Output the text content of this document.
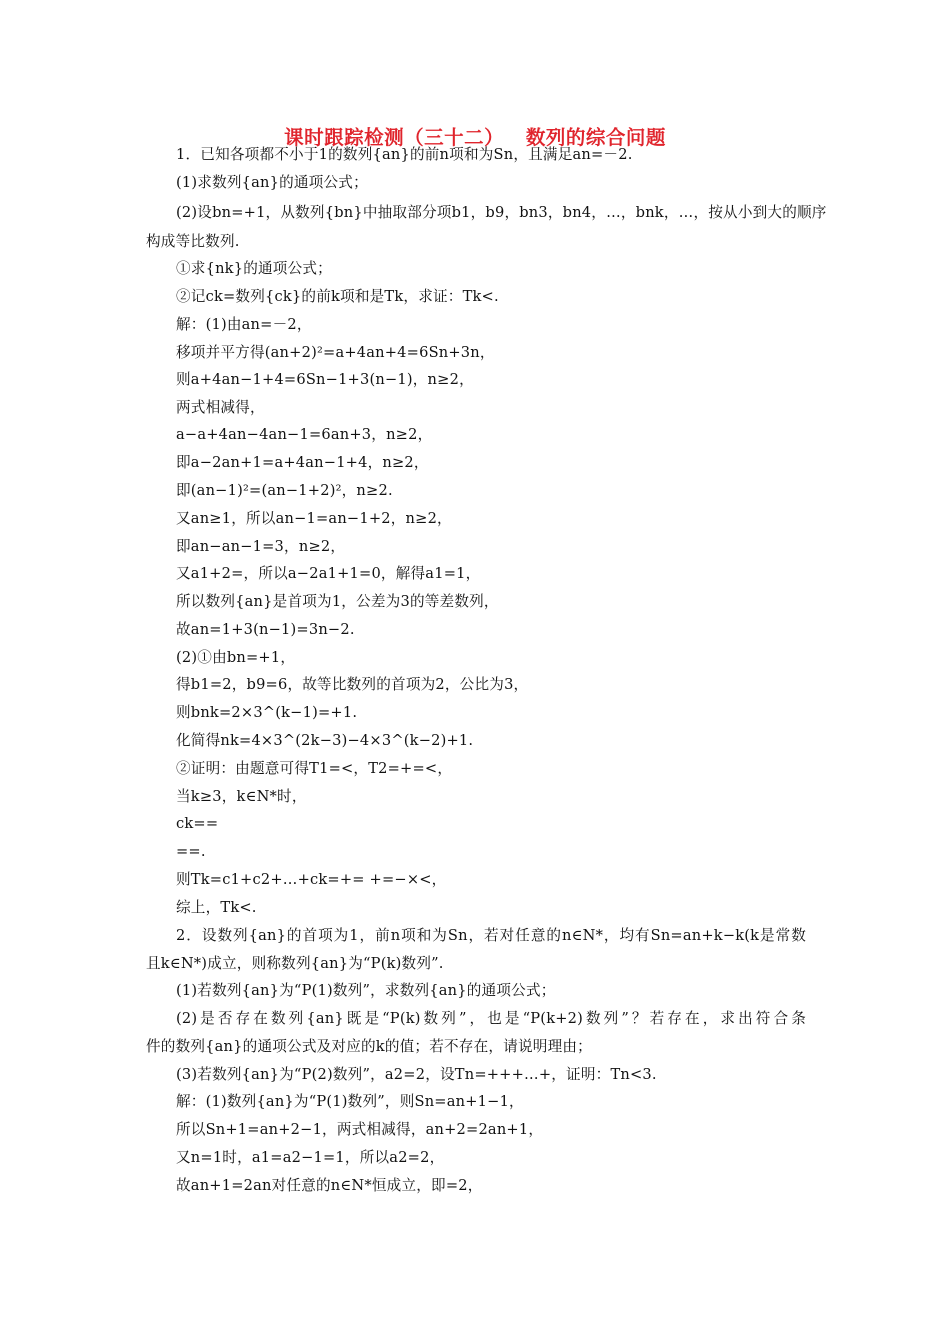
课时跟踪检测（三十二）   数列的综合问题
1．已知各项都不小于1的数列{an}的前n项和为Sn，且满足an=－2.
(1)求数列{an}的通项公式；
(2)设bn=+1，从数列{bn}中抽取部分项b1，b9，bn3，bn4，…，bnk，…，按从小到大的顺序
构成等比数列.
①求{nk}的通项公式；
②记ck=数列{ck}的前k项和是Tk，求证：Tk<.
解：(1)由an=－2，
移项并平方得(an+2)²=a+4an+4=6Sn+3n，
则a+4an−1+4=6Sn−1+3(n−1)，n≥2，
两式相减得，
a−a+4an−4an−1=6an+3，n≥2，
即a−2an+1=a+4an−1+4，n≥2，
即(an−1)²=(an−1+2)²，n≥2.
又an≥1，所以an−1=an−1+2，n≥2，
即an−an−1=3，n≥2，
又a1+2=，所以a−2a1+1=0，解得a1=1，
所以数列{an}是首项为1，公差为3的等差数列，
故an=1+3(n−1)=3n−2.
(2)①由bn=+1，
得b1=2，b9=6，故等比数列的首项为2，公比为3，
则bnk=2×3^(k−1)=+1.
化简得nk=4×3^(2k−3)−4×3^(k−2)+1.
②证明：由题意可得T1=<，T2=+=<，
当k≥3，k∈N*时，
ck==
==.
则Tk=c1+c2+…+ck=+= +=−×<，
综上，Tk<.
2．设数列{an}的首项为1，前n项和为Sn，若对任意的n∈N*，均有Sn=an+k−k(k是常数
且k∈N*)成立，则称数列{an}为“P(k)数列”.
(1)若数列{an}为“P(1)数列”，求数列{an}的通项公式；
(2)是否存在数列{an}既是“P(k)数列”，也是“P(k+2)数列”？若存在，求出符合条
件的数列{an}的通项公式及对应的k的值；若不存在，请说明理由；
(3)若数列{an}为“P(2)数列”，a2=2，设Tn=+++…+，证明：Tn<3.
解：(1)数列{an}为“P(1)数列”，则Sn=an+1−1，
所以Sn+1=an+2−1，两式相减得，an+2=2an+1，
又n=1时，a1=a2−1=1，所以a2=2，
故an+1=2an对任意的n∈N*恒成立，即=2，
